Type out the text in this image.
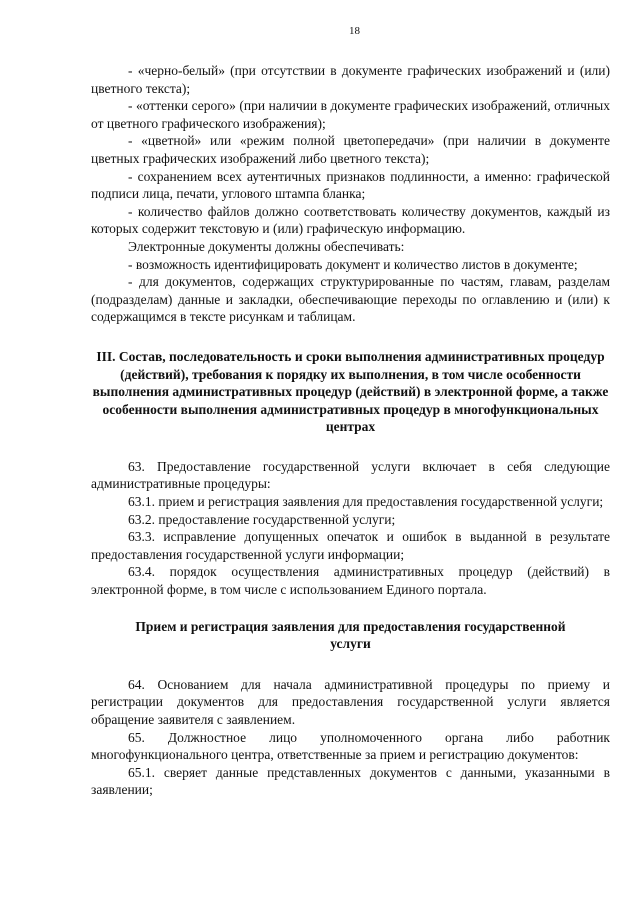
18

- «черно-белый» (при отсутствии в документе графических изображений и (или) цветного текста);

- «оттенки серого» (при наличии в документе графических изображений, отличных от цветного графического изображения);

- «цветной» или «режим полной цветопередачи» (при наличии в документе цветных графических изображений либо цветного текста);

- сохранением всех аутентичных признаков подлинности, а именно: графической подписи лица, печати, углового штампа бланка;

- количество файлов должно соответствовать количеству документов, каждый из которых содержит текстовую и (или) графическую информацию.

Электронные документы должны обеспечивать:

- возможность идентифицировать документ и количество листов в документе;

- для документов, содержащих структурированные по частям, главам, разделам (подразделам) данные и закладки, обеспечивающие переходы по оглавлению и (или) к содержащимся в тексте рисункам и таблицам.

III. Состав, последовательность и сроки выполнения административных процедур (действий), требования к порядку их выполнения, в том числе особенности выполнения административных процедур (действий) в электронной форме, а также особенности выполнения административных процедур в многофункциональных центрах

63. Предоставление государственной услуги включает в себя следующие административные процедуры:

63.1. прием и регистрация заявления для предоставления государственной услуги;

63.2. предоставление государственной услуги;

63.3. исправление допущенных опечаток и ошибок в выданной в результате предоставления государственной услуги информации;

63.4. порядок осуществления административных процедур (действий) в электронной форме, в том числе с использованием Единого портала.

Прием и регистрация заявления для предоставления государственной услуги

64. Основанием для начала административной процедуры по приему и регистрации документов для предоставления государственной услуги является обращение заявителя с заявлением.

65. Должностное лицо уполномоченного органа либо работник многофункционального центра, ответственные за прием и регистрацию документов:

65.1. сверяет данные представленных документов с данными, указанными в заявлении;
